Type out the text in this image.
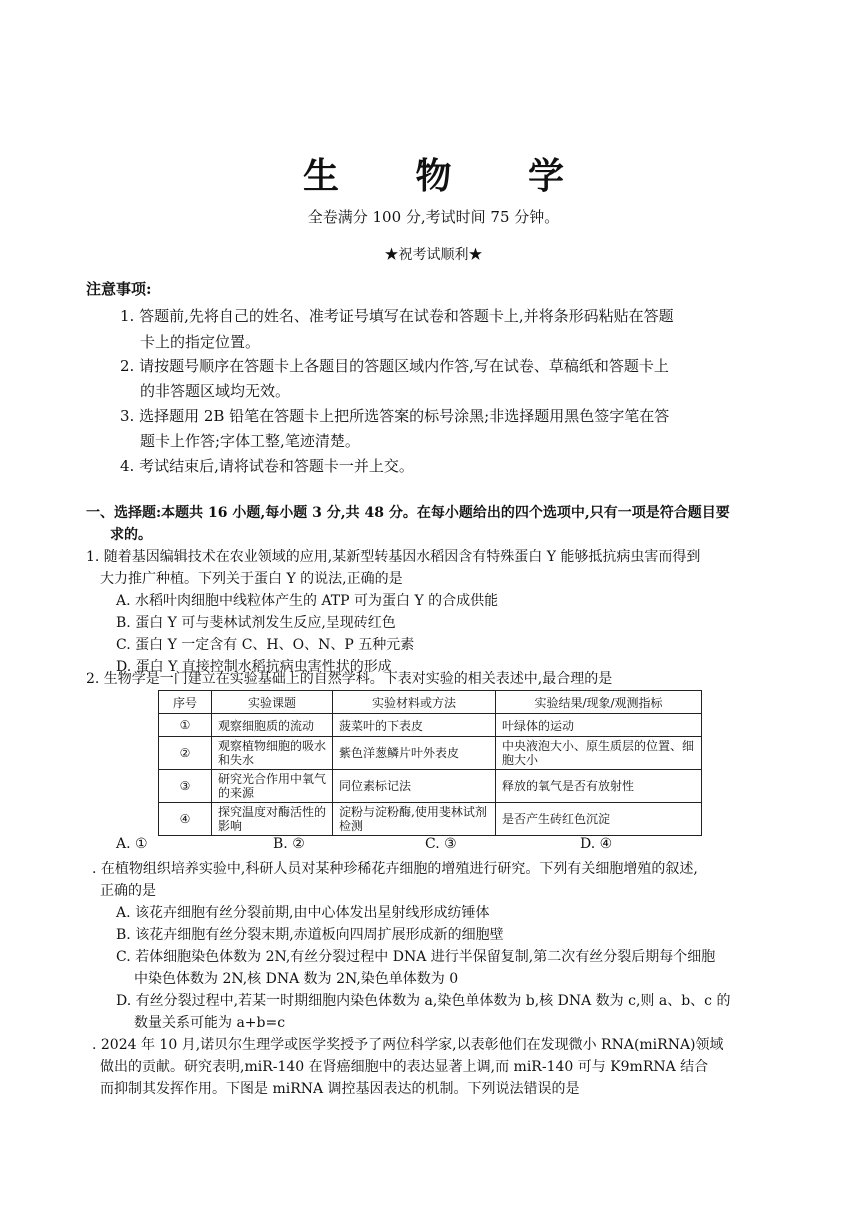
生 物 学
全卷满分 100 分,考试时间 75 分钟。
★祝考试顺利★
注意事项:
1. 答题前,先将自己的姓名、准考证号填写在试卷和答题卡上,并将条形码粘贴在答题
卡上的指定位置。
2. 请按题号顺序在答题卡上各题目的答题区域内作答,写在试卷、草稿纸和答题卡上
的非答题区域均无效。
3. 选择题用 2B 铅笔在答题卡上把所选答案的标号涂黑;非选择题用黑色签字笔在答
题卡上作答;字体工整,笔迹清楚。
4. 考试结束后,请将试卷和答题卡一并上交。
一、选择题:本题共 16 小题,每小题 3 分,共 48 分。在每小题给出的四个选项中,只有一项是符合题目要
求的。
1. 随着基因编辑技术在农业领域的应用,某新型转基因水稻因含有特殊蛋白 Y 能够抵抗病虫害而得到
大力推广种植。下列关于蛋白 Y 的说法,正确的是
A. 水稻叶肉细胞中线粒体产生的 ATP 可为蛋白 Y 的合成供能
B. 蛋白 Y 可与斐林试剂发生反应,呈现砖红色
C. 蛋白 Y 一定含有 C、H、O、N、P 五种元素
D. 蛋白 Y 直接控制水稻抗病虫害性状的形成
2. 生物学是一门建立在实验基础上的自然学科。下表对实验的相关表述中,最合理的是
序号	实验课题	实验材料或方法	实验结果/现象/观测指标
①	观察细胞质的流动	菠菜叶的下表皮	叶绿体的运动
②	观察植物细胞的吸水和失水	紫色洋葱鳞片叶外表皮	中央液泡大小、原生质层的位置、细胞大小
③	研究光合作用中氧气的来源	同位素标记法	释放的氧气是否有放射性
④	探究温度对酶活性的影响	淀粉与淀粉酶,使用斐林试剂检测	是否产生砖红色沉淀
A. ①	B. ②	C. ③	D. ④
. 在植物组织培养实验中,科研人员对某种珍稀花卉细胞的增殖进行研究。下列有关细胞增殖的叙述,
正确的是
A. 该花卉细胞有丝分裂前期,由中心体发出星射线形成纺锤体
B. 该花卉细胞有丝分裂末期,赤道板向四周扩展形成新的细胞壁
C. 若体细胞染色体数为 2N,有丝分裂过程中 DNA 进行半保留复制,第二次有丝分裂后期每个细胞
中染色体数为 2N,核 DNA 数为 2N,染色单体数为 0
D. 有丝分裂过程中,若某一时期细胞内染色体数为 a,染色单体数为 b,核 DNA 数为 c,则 a、b、c 的
数量关系可能为 a+b=c
. 2024 年 10 月,诺贝尔生理学或医学奖授予了两位科学家,以表彰他们在发现微小 RNA(miRNA)领域
做出的贡献。研究表明,miR-140 在肾癌细胞中的表达显著上调,而 miR-140 可与 K9mRNA 结合
而抑制其发挥作用。下图是 miRNA 调控基因表达的机制。下列说法错误的是
